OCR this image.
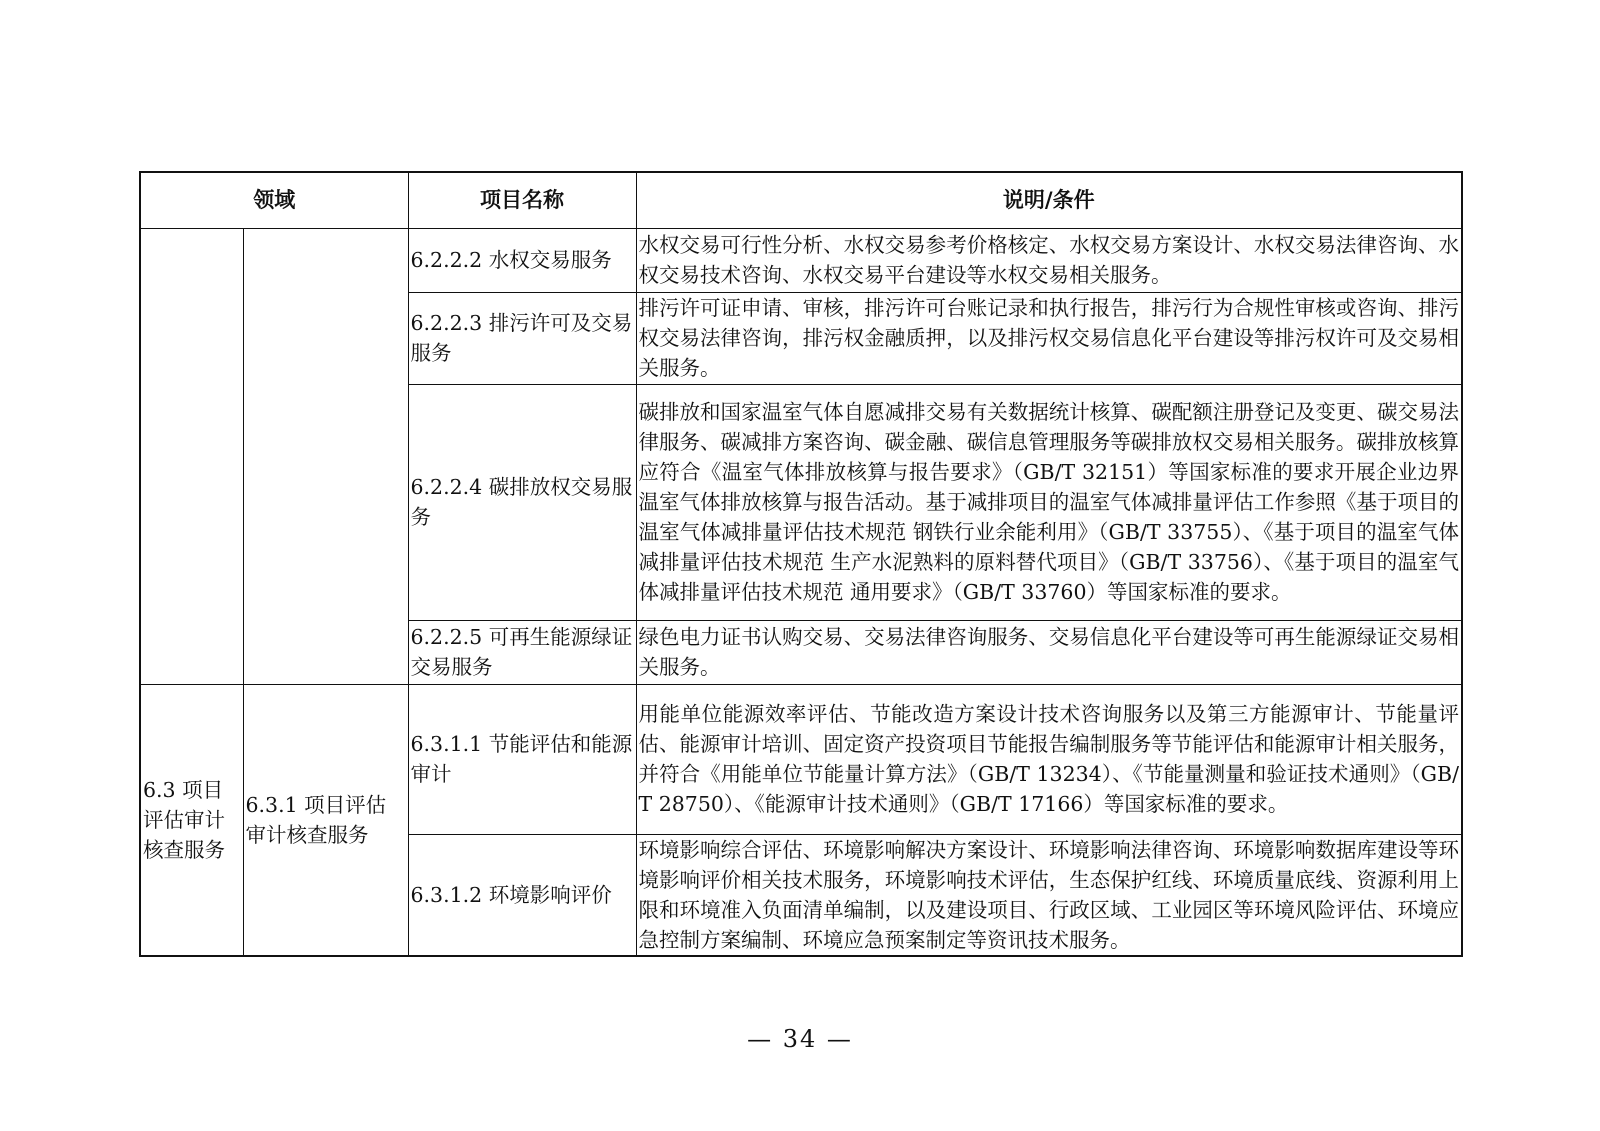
领域		项目名称	说明/条件
		6.2.2.2 水权交易服务	水权交易可行性分析、水权交易参考价格核定、水权交易方案设计、水权交易法律咨询、水权交易技术咨询、水权交易平台建设等水权交易相关服务。
		6.2.2.3 排污许可及交易服务	排污许可证申请、审核，排污许可台账记录和执行报告，排污行为合规性审核或咨询、排污权交易法律咨询，排污权金融质押，以及排污权交易信息化平台建设等排污权许可及交易相关服务。
		6.2.2.4 碳排放权交易服务	碳排放和国家温室气体自愿减排交易有关数据统计核算、碳配额注册登记及变更、碳交易法律服务、碳减排方案咨询、碳金融、碳信息管理服务等碳排放权交易相关服务。碳排放核算应符合《温室气体排放核算与报告要求》（GB/T 32151）等国家标准的要求开展企业边界温室气体排放核算与报告活动。基于减排项目的温室气体减排量评估工作参照《基于项目的温室气体减排量评估技术规范 钢铁行业余能利用》（GB/T 33755）、《基于项目的温室气体减排量评估技术规范 生产水泥熟料的原料替代项目》（GB/T 33756）、《基于项目的温室气体减排量评估技术规范 通用要求》（GB/T 33760）等国家标准的要求。
		6.2.2.5 可再生能源绿证交易服务	绿色电力证书认购交易、交易法律咨询服务、交易信息化平台建设等可再生能源绿证交易相关服务。
6.3 项目评估审计核查服务	6.3.1 项目评估审计核查服务	6.3.1.1 节能评估和能源审计	用能单位能源效率评估、节能改造方案设计技术咨询服务以及第三方能源审计、节能量评估、能源审计培训、固定资产投资项目节能报告编制服务等节能评估和能源审计相关服务，并符合《用能单位节能量计算方法》（GB/T 13234）、《节能量测量和验证技术通则》（GB/T 28750）、《能源审计技术通则》（GB/T 17166）等国家标准的要求。
		6.3.1.2 环境影响评价	环境影响综合评估、环境影响解决方案设计、环境影响法律咨询、环境影响数据库建设等环境影响评价相关技术服务，环境影响技术评估，生态保护红线、环境质量底线、资源利用上限和环境准入负面清单编制，以及建设项目、行政区域、工业园区等环境风险评估、环境应急控制方案编制、环境应急预案制定等资讯技术服务。
— 34 —
